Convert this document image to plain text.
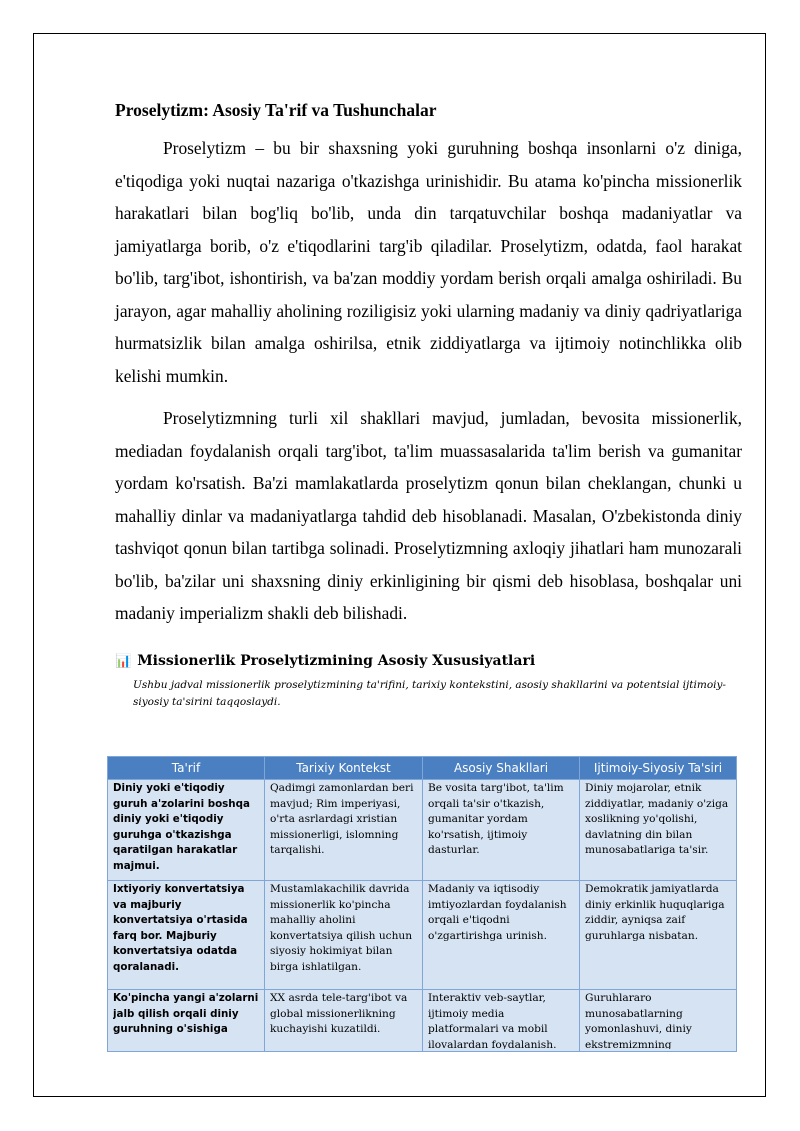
Proselytizm: Asosiy Ta'rif va Tushunchalar

Proselytizm – bu bir shaxsning yoki guruhning boshqa insonlarni o'z diniga, e'tiqodiga yoki nuqtai nazariga o'tkazishga urinishidir. Bu atama ko'pincha missionerlik harakatlari bilan bog'liq bo'lib, unda din tarqatuvchilar boshqa madaniyatlar va jamiyatlarga borib, o'z e'tiqodlarini targ'ib qiladilar. Proselytizm, odatda, faol harakat bo'lib, targ'ibot, ishontirish, va ba'zan moddiy yordam berish orqali amalga oshiriladi. Bu jarayon, agar mahalliy aholining roziligisiz yoki ularning madaniy va diniy qadriyatlariga hurmatsizlik bilan amalga oshirilsa, etnik ziddiyatlarga va ijtimoiy notinchlikka olib kelishi mumkin.

Proselytizmning turli xil shakllari mavjud, jumladan, bevosita missionerlik, mediadan foydalanish orqali targ'ibot, ta'lim muassasalarida ta'lim berish va gumanitar yordam ko'rsatish. Ba'zi mamlakatlarda proselytizm qonun bilan cheklangan, chunki u mahalliy dinlar va madaniyatlarga tahdid deb hisoblanadi. Masalan, O'zbekistonda diniy tashviqot qonun bilan tartibga solinadi. Proselytizmning axloqiy jihatlari ham munozarali bo'lib, ba'zilar uni shaxsning diniy erkinligining bir qismi deb hisoblasa, boshqalar uni madaniy imperializm shakli deb bilishadi.

📊 Missionerlik Proselytizmining Asosiy Xususiyatlari

Ushbu jadval missionerlik proselytizmining ta'rifini, tarixiy kontekstini, asosiy shakllarini va potentsial ijtimoiy-siyosiy ta'sirini taqqoslaydi.

Ta'rif	Tarixiy Kontekst	Asosiy Shakllari	Ijtimoiy-Siyosiy Ta'siri

Diniy yoki e'tiqodiy guruh a'zolarini boshqa diniy yoki e'tiqodiy guruhga o'tkazishga qaratilgan harakatlar majmui.	Qadimgi zamonlardan beri mavjud; Rim imperiyasi, o'rta asrlardagi xristian missionerligi, islomning tarqalishi.	Be vosita targ'ibot, ta'lim orqali ta'sir o'tkazish, gumanitar yordam ko'rsatish, ijtimoiy dasturlar.	Diniy mojarolar, etnik ziddiyatlar, madaniy o'ziga xoslikning yo'qolishi, davlatning din bilan munosabatlariga ta'sir.

Ixtiyoriy konvertatsiya va majburiy konvertatsiya o'rtasida farq bor. Majburiy konvertatsiya odatda qoralanadi.	Mustamlakachilik davrida missionerlik ko'pincha mahalliy aholini konvertatsiya qilish uchun siyosiy hokimiyat bilan birga ishlatilgan.	Madaniy va iqtisodiy imtiyozlardan foydalanish orqali e'tiqodni o'zgartirishga urinish.	Demokratik jamiyatlarda diniy erkinlik huquqlariga ziddir, ayniqsa zaif guruhlarga nisbatan.

Ko'pincha yangi a'zolarni jalb qilish orqali diniy guruhning o'sishiga	XX asrda tele-targ'ibot va global missionerlikning kuchayishi kuzatildi.	Interaktiv veb-saytlar, ijtimoiy media platformalari va mobil ilovalardan foydalanish.	Guruhlararo munosabatlarning yomonlashuvi, diniy ekstremizmning
